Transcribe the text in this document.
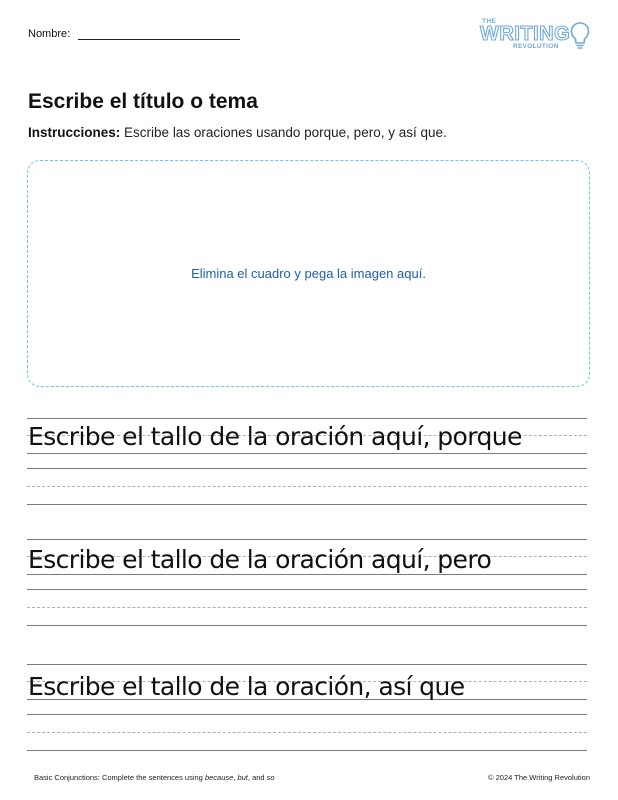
Nombre:
THE
WRITING
REVOLUTION
Escribe el título o tema

Instrucciones: Escribe las oraciones usando porque, pero, y así que.

Elimina el cuadro y pega la imagen aquí.
Escribe el tallo de la oración aquí, porque
Escribe el tallo de la oración aquí, pero
Escribe el tallo de la oración, así que
Basic Conjunctions: Complete the sentences using because, but, and so	© 2024 The Writing Revolution
